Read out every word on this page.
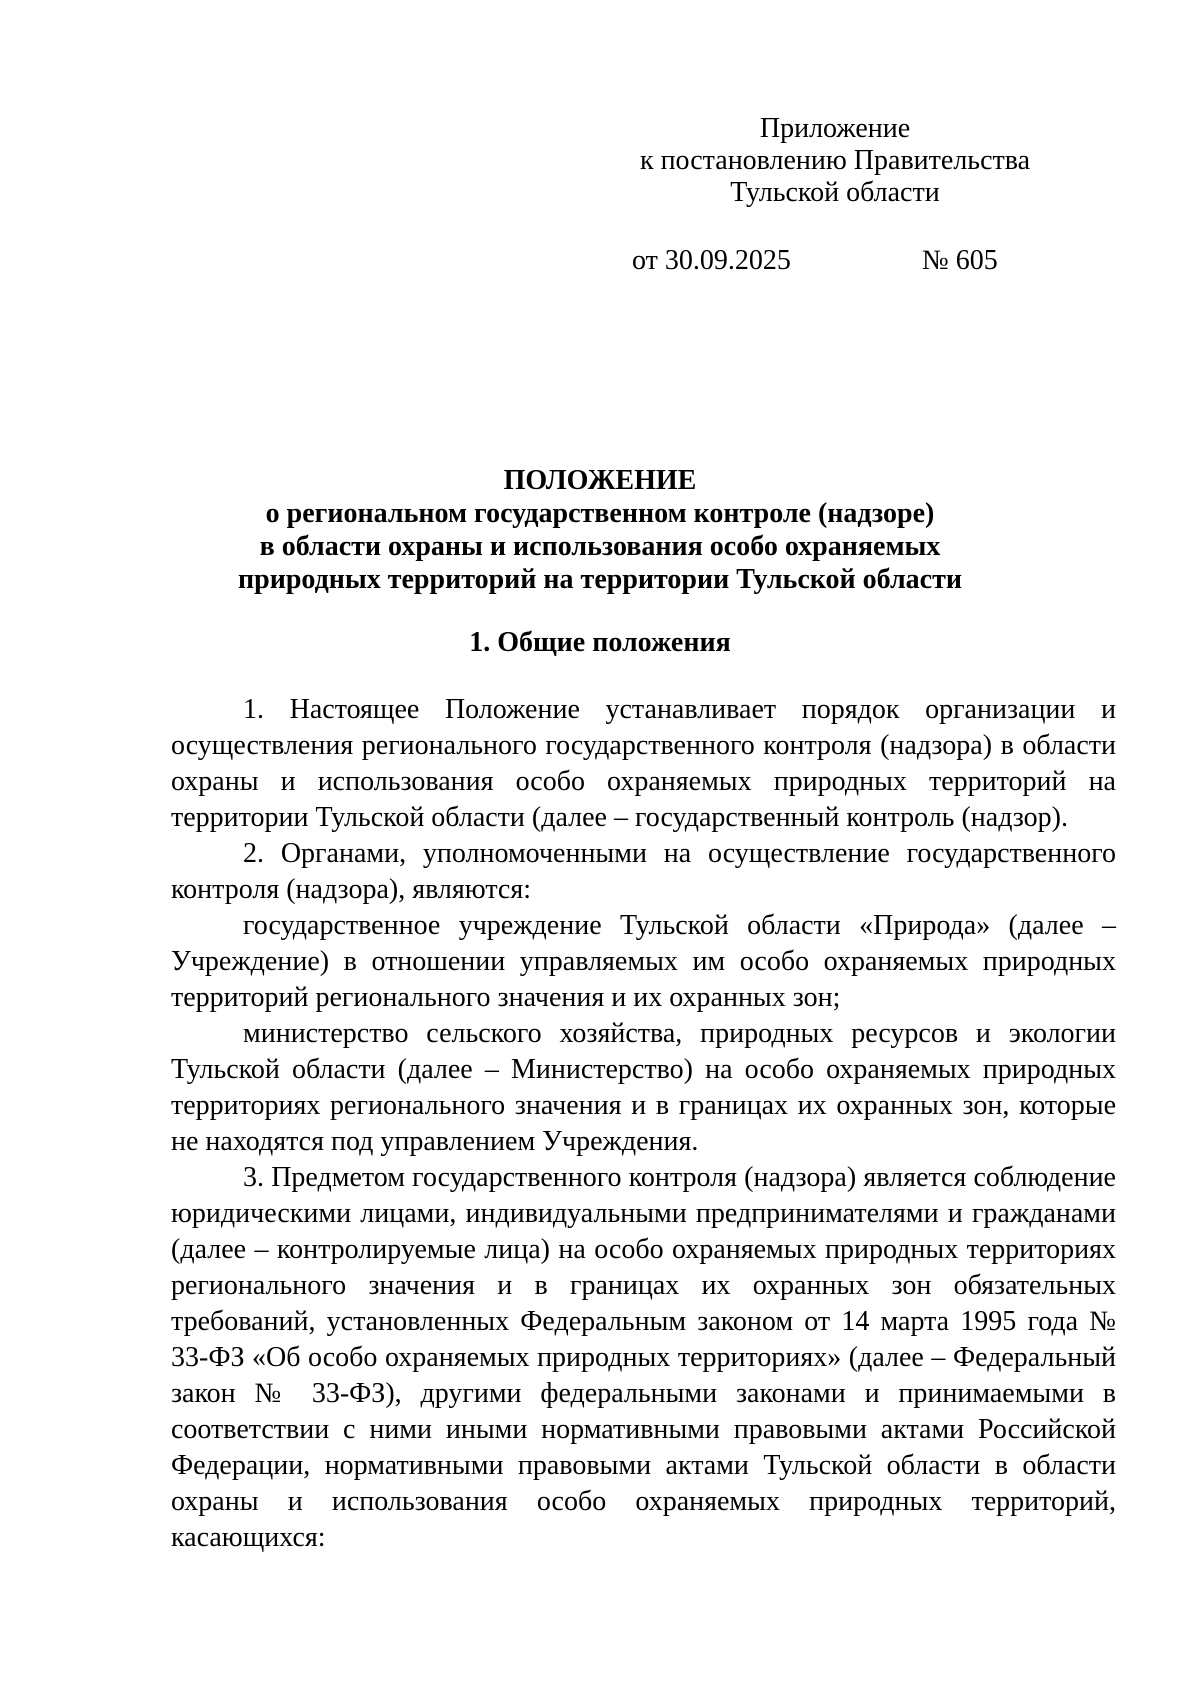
Приложение
к постановлению Правительства
Тульской области
от 30.09.2025	№ 605
ПОЛОЖЕНИЕ
о региональном государственном контроле (надзоре)
в области охраны и использования особо охраняемых
природных территорий на территории Тульской области
1. Общие положения

1. Настоящее Положение устанавливает порядок организации и осуществления регионального государственного контроля (надзора) в области охраны и использования особо охраняемых природных территорий на территории Тульской области (далее – государственный контроль (надзор).

2. Органами, уполномоченными на осуществление государственного контроля (надзора), являются:

государственное учреждение Тульской области «Природа» (далее – Учреждение) в отношении управляемых им особо охраняемых природных территорий регионального значения и их охранных зон;

министерство сельского хозяйства, природных ресурсов и экологии Тульской области (далее – Министерство) на особо охраняемых природных территориях регионального значения и в границах их охранных зон, которые не находятся под управлением Учреждения.

3. Предметом государственного контроля (надзора) является соблюдение юридическими лицами, индивидуальными предпринимателями и гражданами (далее – контролируемые лица) на особо охраняемых природных территориях регионального значения и в границах их охранных зон обязательных требований, установленных Федеральным законом от 14 марта 1995 года № 33-ФЗ «Об особо охраняемых природных территориях» (далее – Федеральный закон № 33-ФЗ), другими федеральными законами и принимаемыми в соответствии с ними иными нормативными правовыми актами Российской Федерации, нормативными правовыми актами Тульской области в области охраны и использования особо охраняемых природных территорий, касающихся:
